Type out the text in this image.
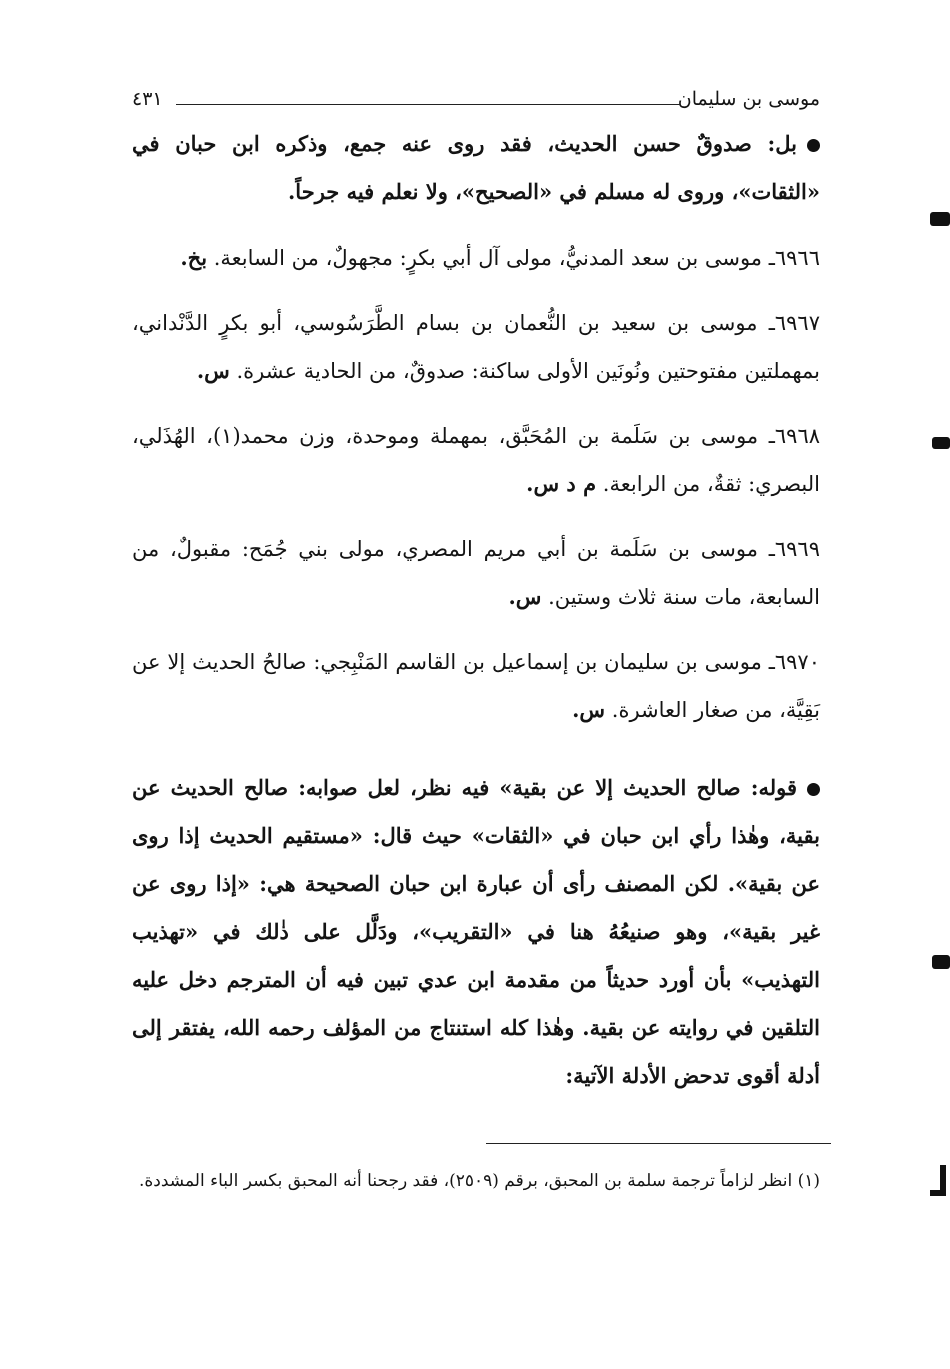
موسى بن سليمان
٤٣١

بل: صدوقٌ حسن الحديث، فقد روى عنه جمع، وذكره ابن حبان في «الثقات»، وروى له مسلم في «الصحيح»، ولا نعلم فيه جرحاً.

٦٩٦٦ـ موسى بن سعد المدنيُّ، مولى آل أبي بكرٍ: مجهولٌ، من السابعة. بخ.

٦٩٦٧ـ موسى بن سعيد بن النُّعمان بن بسام الطَّرَسُوسي، أبو بكرٍ الدَّنْداني، بمهملتين مفتوحتين ونُونَين الأولى ساكنة: صدوقٌ، من الحادية عشرة. س.

٦٩٦٨ـ موسى بن سَلَمة بن المُحَبَّق، بمهملة وموحدة، وزن محمد(١)، الهُذَلي، البصري: ثقةٌ، من الرابعة. م د س.

٦٩٦٩ـ موسى بن سَلَمة بن أبي مريم المصري، مولى بني جُمَح: مقبولٌ، من السابعة، مات سنة ثلاث وستين. س.

٦٩٧٠ـ موسى بن سليمان بن إسماعيل بن القاسم المَنْبِجي: صالحُ الحديث إلا عن بَقِيَّة، من صغار العاشرة. س.

قوله: صالح الحديث إلا عن بقية» فيه نظر، لعل صوابه: صالح الحديث عن بقية، وهٰذا رأي ابن حبان في «الثقات» حيث قال: «مستقيم الحديث إذا روى عن بقية». لكن المصنف رأى أن عبارة ابن حبان الصحيحة هي: «إذا روى عن غير بقية»، وهو صنيعُهُ هنا في «التقريب»، ودَلَّل على ذٰلك في «تهذيب التهذيب» بأن أورد حديثاً من مقدمة ابن عدي تبين فيه أن المترجم دخل عليه التلقين في روايته عن بقية. وهٰذا كله استنتاج من المؤلف رحمه الله، يفتقر إلى أدلة أقوى تدحض الأدلة الآتية:

(١) انظر لزاماً ترجمة سلمة بن المحبق، برقم (٢٥٠٩)، فقد رجحنا أنه المحبق بكسر الباء المشددة.
